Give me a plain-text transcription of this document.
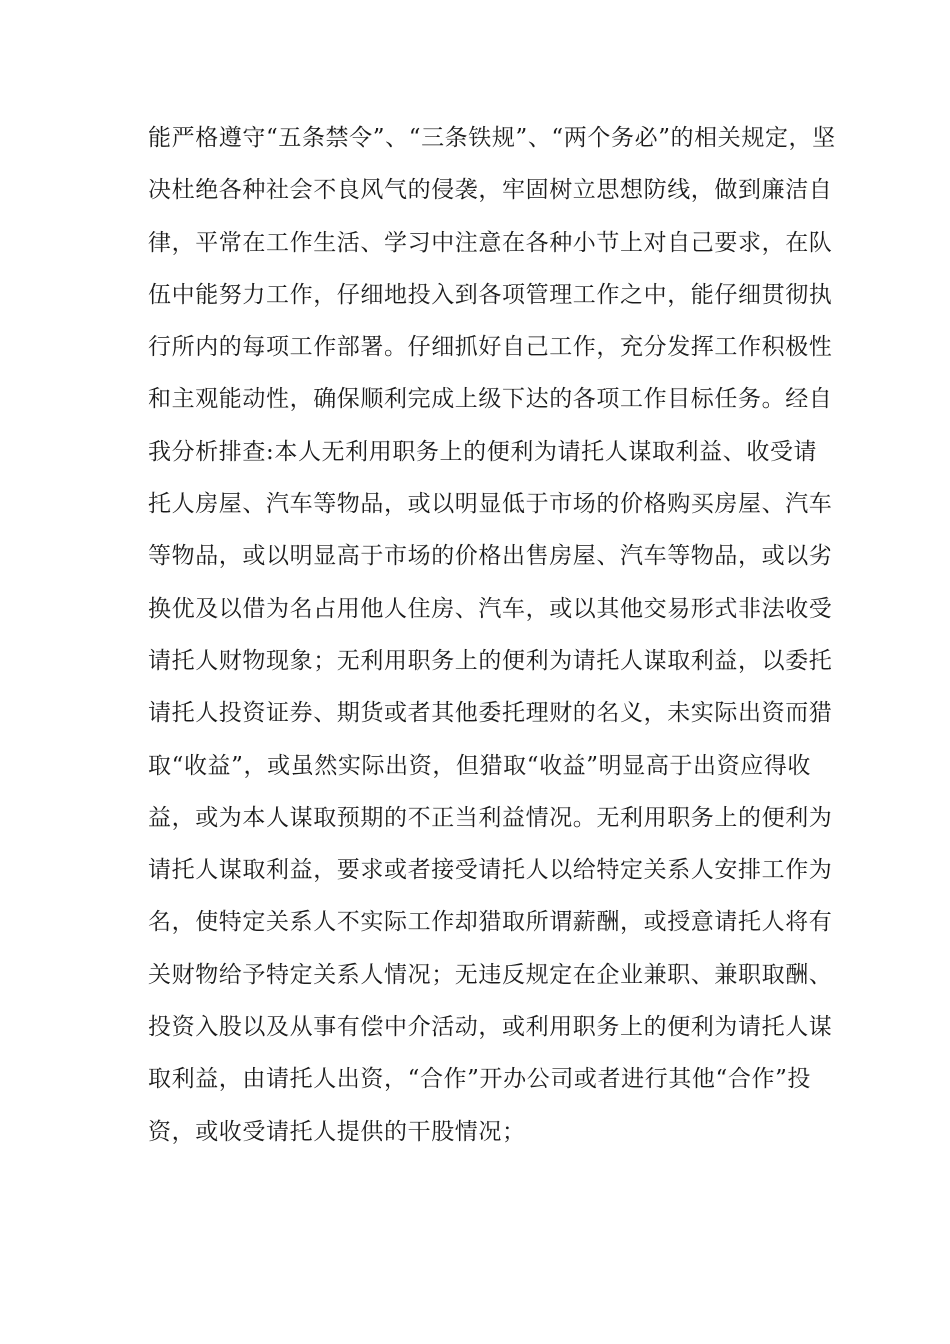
能严格遵守“五条禁令”、“三条铁规”、“两个务必”的相关规定，坚
决杜绝各种社会不良风气的侵袭，牢固树立思想防线，做到廉洁自
律，平常在工作生活、学习中注意在各种小节上对自己要求，在队
伍中能努力工作，仔细地投入到各项管理工作之中，能仔细贯彻执
行所内的每项工作部署。仔细抓好自己工作，充分发挥工作积极性
和主观能动性，确保顺利完成上级下达的各项工作目标任务。经自
我分析排查:本人无利用职务上的便利为请托人谋取利益、收受请
托人房屋、汽车等物品，或以明显低于市场的价格购买房屋、汽车
等物品，或以明显高于市场的价格出售房屋、汽车等物品，或以劣
换优及以借为名占用他人住房、汽车，或以其他交易形式非法收受
请托人财物现象；无利用职务上的便利为请托人谋取利益，以委托
请托人投资证券、期货或者其他委托理财的名义，未实际出资而猎
取“收益”，或虽然实际出资，但猎取“收益”明显高于出资应得收
益，或为本人谋取预期的不正当利益情况。无利用职务上的便利为
请托人谋取利益，要求或者接受请托人以给特定关系人安排工作为
名，使特定关系人不实际工作却猎取所谓薪酬，或授意请托人将有
关财物给予特定关系人情况；无违反规定在企业兼职、兼职取酬、
投资入股以及从事有偿中介活动，或利用职务上的便利为请托人谋
取利益，由请托人出资，“合作”开办公司或者进行其他“合作”投
资，或收受请托人提供的干股情况；
